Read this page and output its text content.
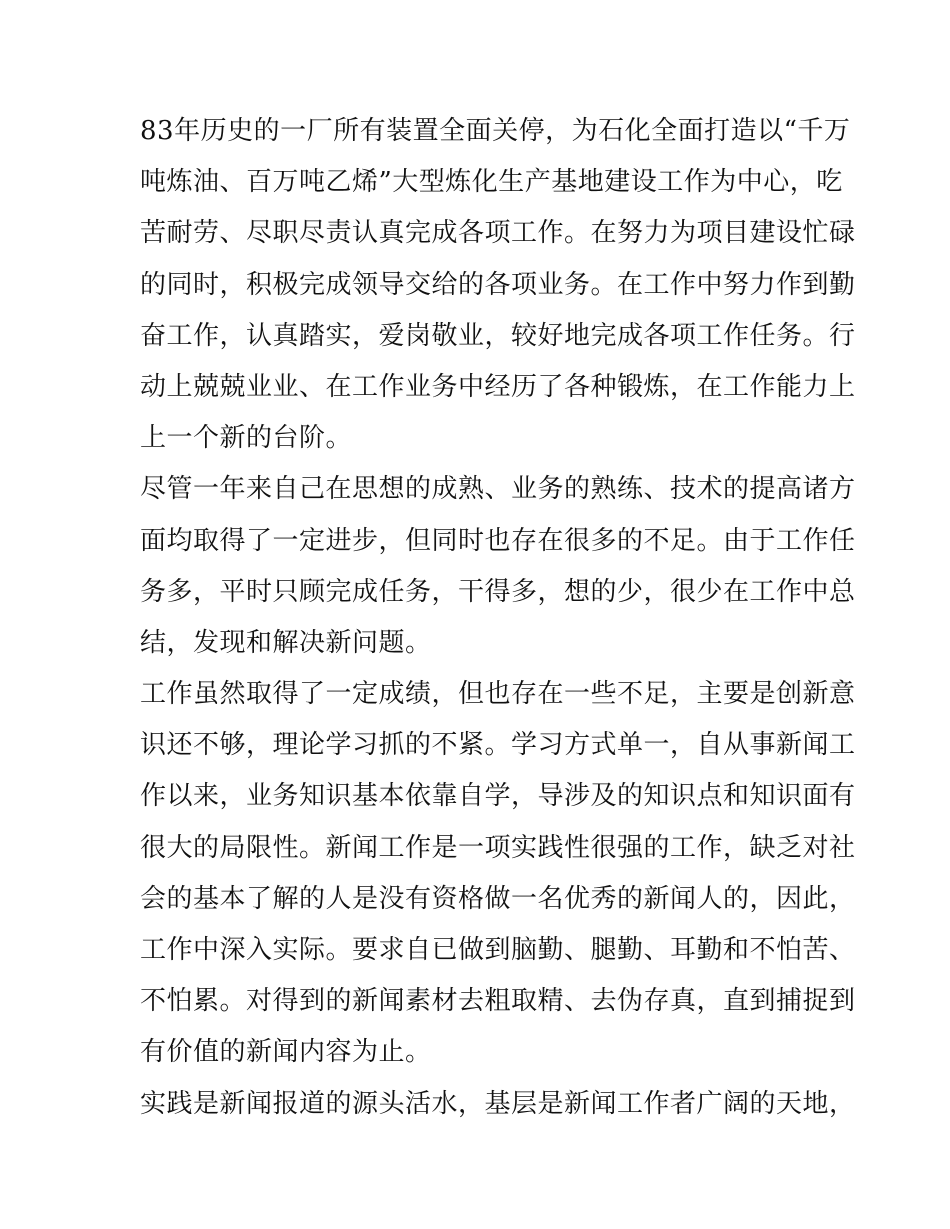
83年历史的一厂所有装置全面关停，为石化全面打造以“千万
吨炼油、百万吨乙烯”大型炼化生产基地建设工作为中心，吃
苦耐劳、尽职尽责认真完成各项工作。在努力为项目建设忙碌
的同时，积极完成领导交给的各项业务。在工作中努力作到勤
奋工作，认真踏实，爱岗敬业，较好地完成各项工作任务。行
动上兢兢业业、在工作业务中经历了各种锻炼，在工作能力上
上一个新的台阶。

尽管一年来自己在思想的成熟、业务的熟练、技术的提高诸方
面均取得了一定进步，但同时也存在很多的不足。由于工作任
务多，平时只顾完成任务，干得多，想的少，很少在工作中总
结，发现和解决新问题。

工作虽然取得了一定成绩，但也存在一些不足，主要是创新意
识还不够，理论学习抓的不紧。学习方式单一，自从事新闻工
作以来，业务知识基本依靠自学，导涉及的知识点和知识面有
很大的局限性。新闻工作是一项实践性很强的工作，缺乏对社
会的基本了解的人是没有资格做一名优秀的新闻人的，因此，
工作中深入实际。要求自已做到脑勤、腿勤、耳勤和不怕苦、
不怕累。对得到的新闻素材去粗取精、去伪存真，直到捕捉到
有价值的新闻内容为止。

实践是新闻报道的源头活水，基层是新闻工作者广阔的天地，
